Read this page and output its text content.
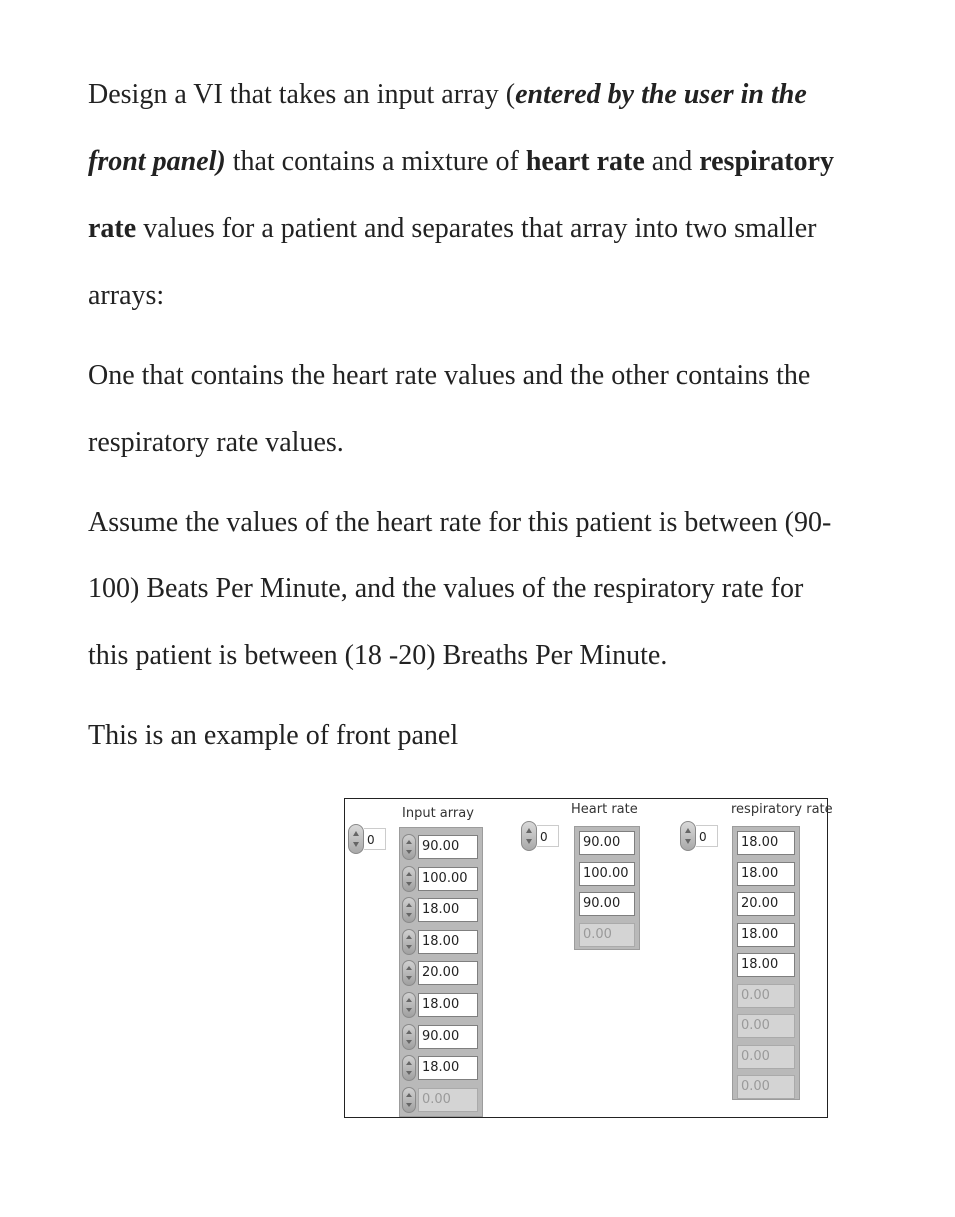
Design a VI that takes an input array (entered by the user in the
front panel) that contains a mixture of heart rate and respiratory
rate values for a patient and separates that array into two smaller
arrays:
One that contains the heart rate values and the other contains the
respiratory rate values.
Assume the values of the heart rate for this patient is between (90-
100) Beats Per Minute, and the values of the respiratory rate for
this patient is between (18 -20) Breaths Per Minute.
This is an example of front panel
Input array
0	90.00
100.00
18.00
18.00
20.00
18.00
90.00
18.00
0.00
Heart rate
0	90.00
100.00
90.00
0.00
respiratory rate
0	18.00
18.00
20.00
18.00
18.00
0.00
0.00
0.00
0.00
